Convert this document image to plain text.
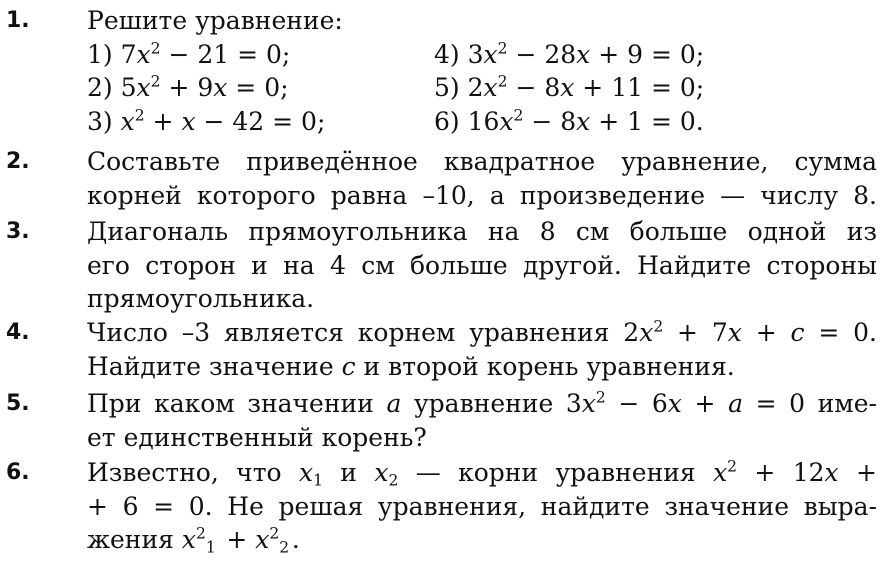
1. Решите уравнение:
1) $7x^2 - 21 = 0$;	4) $3x^2 - 28x + 9 = 0$;
2) $5x^2 + 9x = 0$;	5) $2x^2 - 8x + 11 = 0$;
3) $x^2 + x - 42 = 0$;	6) $16x^2 - 8x + 1 = 0$.
2. Составьте приведённое квадратное уравнение, сумма
корней которого равна –10, а произведение — числу 8.
3. Диагональ прямоугольника на 8 см больше одной из
его сторон и на 4 см больше другой. Найдите стороны
прямоугольника.
4. Число –3 является корнем уравнения $2x^2 + 7x + c = 0$.
Найдите значение c и второй корень уравнения.
5. При каком значении a уравнение $3x^2 - 6x + a = 0$ име-
ет единственный корень?
6. Известно, что $x_1$ и $x_2$ — корни уравнения $x^2 + 12x$ +
+ 6 = 0. Не решая уравнения, найдите значение выра-
жения $x^2_1 + x^2_2$ .
